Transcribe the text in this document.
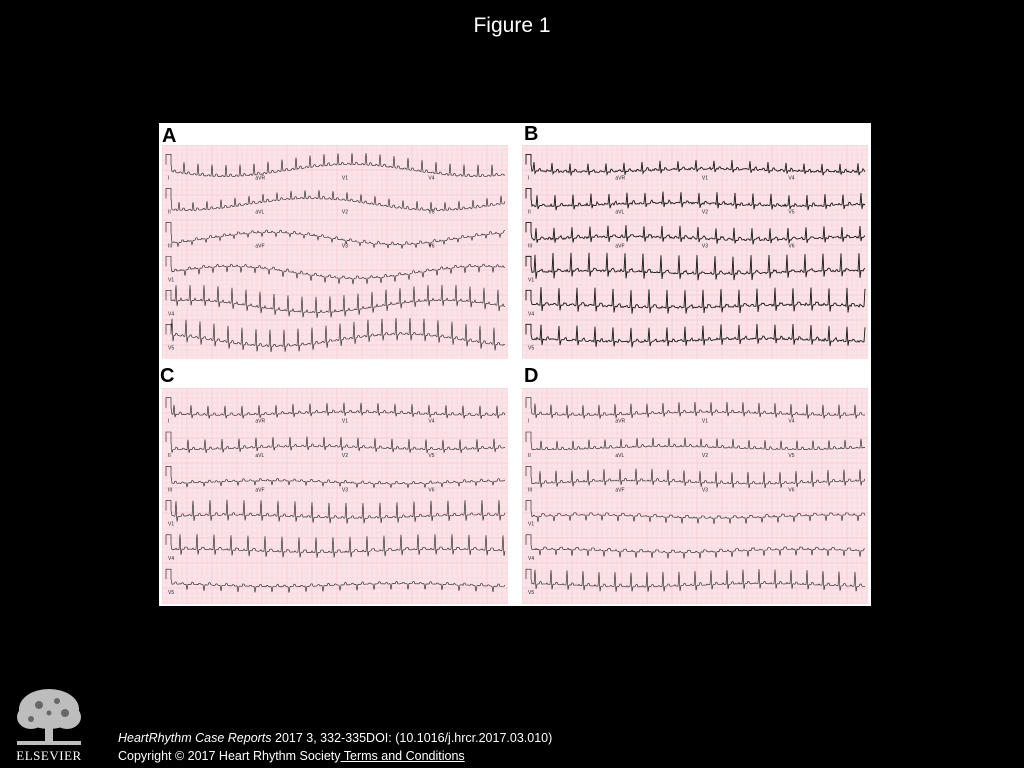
Figure 1
I	aVR	V1	V4
II	aVL	V2	V5
III	aVF	V3	V6
V1
V4
V5
A
I	aVR	V1	V4
II	aVL	V2	V5
III	aVF	V3	V6
V1
V4
V5
B
I	aVR	V1	V4
II	aVL	V2	V5
III	aVF	V3	V6
V1
V4
V5
C
I	aVR	V1	V4
II	aVL	V2	V5
III	aVF	V3	V6
V1
V4
V5
D
ELSEVIER
HeartRhythm Case Reports 2017 3, 332-335DOI: (10.1016/j.hrcr.2017.03.010)
Copyright © 2017 Heart Rhythm Society Terms and Conditions
